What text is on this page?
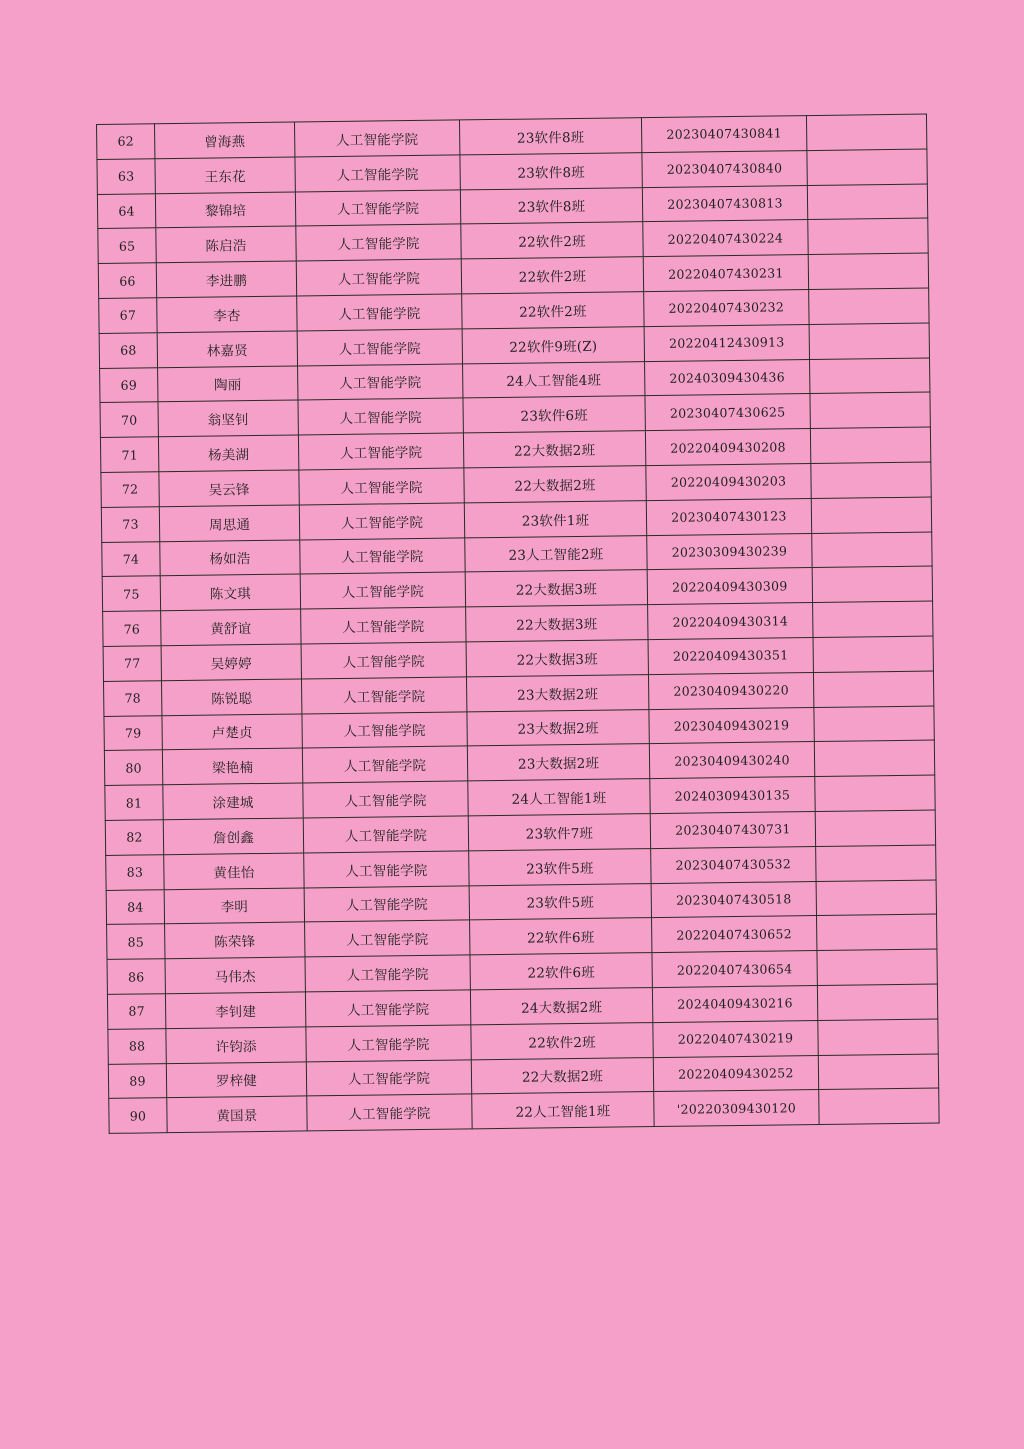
62	曾海燕	人工智能学院	23软件8班	20230407430841	
63	王东花	人工智能学院	23软件8班	20230407430840	
64	黎锦培	人工智能学院	23软件8班	20230407430813	
65	陈启浩	人工智能学院	22软件2班	20220407430224	
66	李进鹏	人工智能学院	22软件2班	20220407430231	
67	李杏	人工智能学院	22软件2班	20220407430232	
68	林嘉贤	人工智能学院	22软件9班(Z)	20220412430913	
69	陶丽	人工智能学院	24人工智能4班	20240309430436	
70	翁坚钊	人工智能学院	23软件6班	20230407430625	
71	杨美湖	人工智能学院	22大数据2班	20220409430208	
72	吴云锋	人工智能学院	22大数据2班	20220409430203	
73	周思通	人工智能学院	23软件1班	20230407430123	
74	杨如浩	人工智能学院	23人工智能2班	20230309430239	
75	陈文琪	人工智能学院	22大数据3班	20220409430309	
76	黄舒谊	人工智能学院	22大数据3班	20220409430314	
77	吴婷婷	人工智能学院	22大数据3班	20220409430351	
78	陈锐聪	人工智能学院	23大数据2班	20230409430220	
79	卢楚贞	人工智能学院	23大数据2班	20230409430219	
80	梁艳楠	人工智能学院	23大数据2班	20230409430240	
81	涂建城	人工智能学院	24人工智能1班	20240309430135	
82	詹创鑫	人工智能学院	23软件7班	20230407430731	
83	黄佳怡	人工智能学院	23软件5班	20230407430532	
84	李明	人工智能学院	23软件5班	20230407430518	
85	陈荣锋	人工智能学院	22软件6班	20220407430652	
86	马伟杰	人工智能学院	22软件6班	20220407430654	
87	李钊建	人工智能学院	24大数据2班	20240409430216	
88	许钧添	人工智能学院	22软件2班	20220407430219	
89	罗梓健	人工智能学院	22大数据2班	20220409430252	
90	黄国景	人工智能学院	22人工智能1班	'20220309430120	
